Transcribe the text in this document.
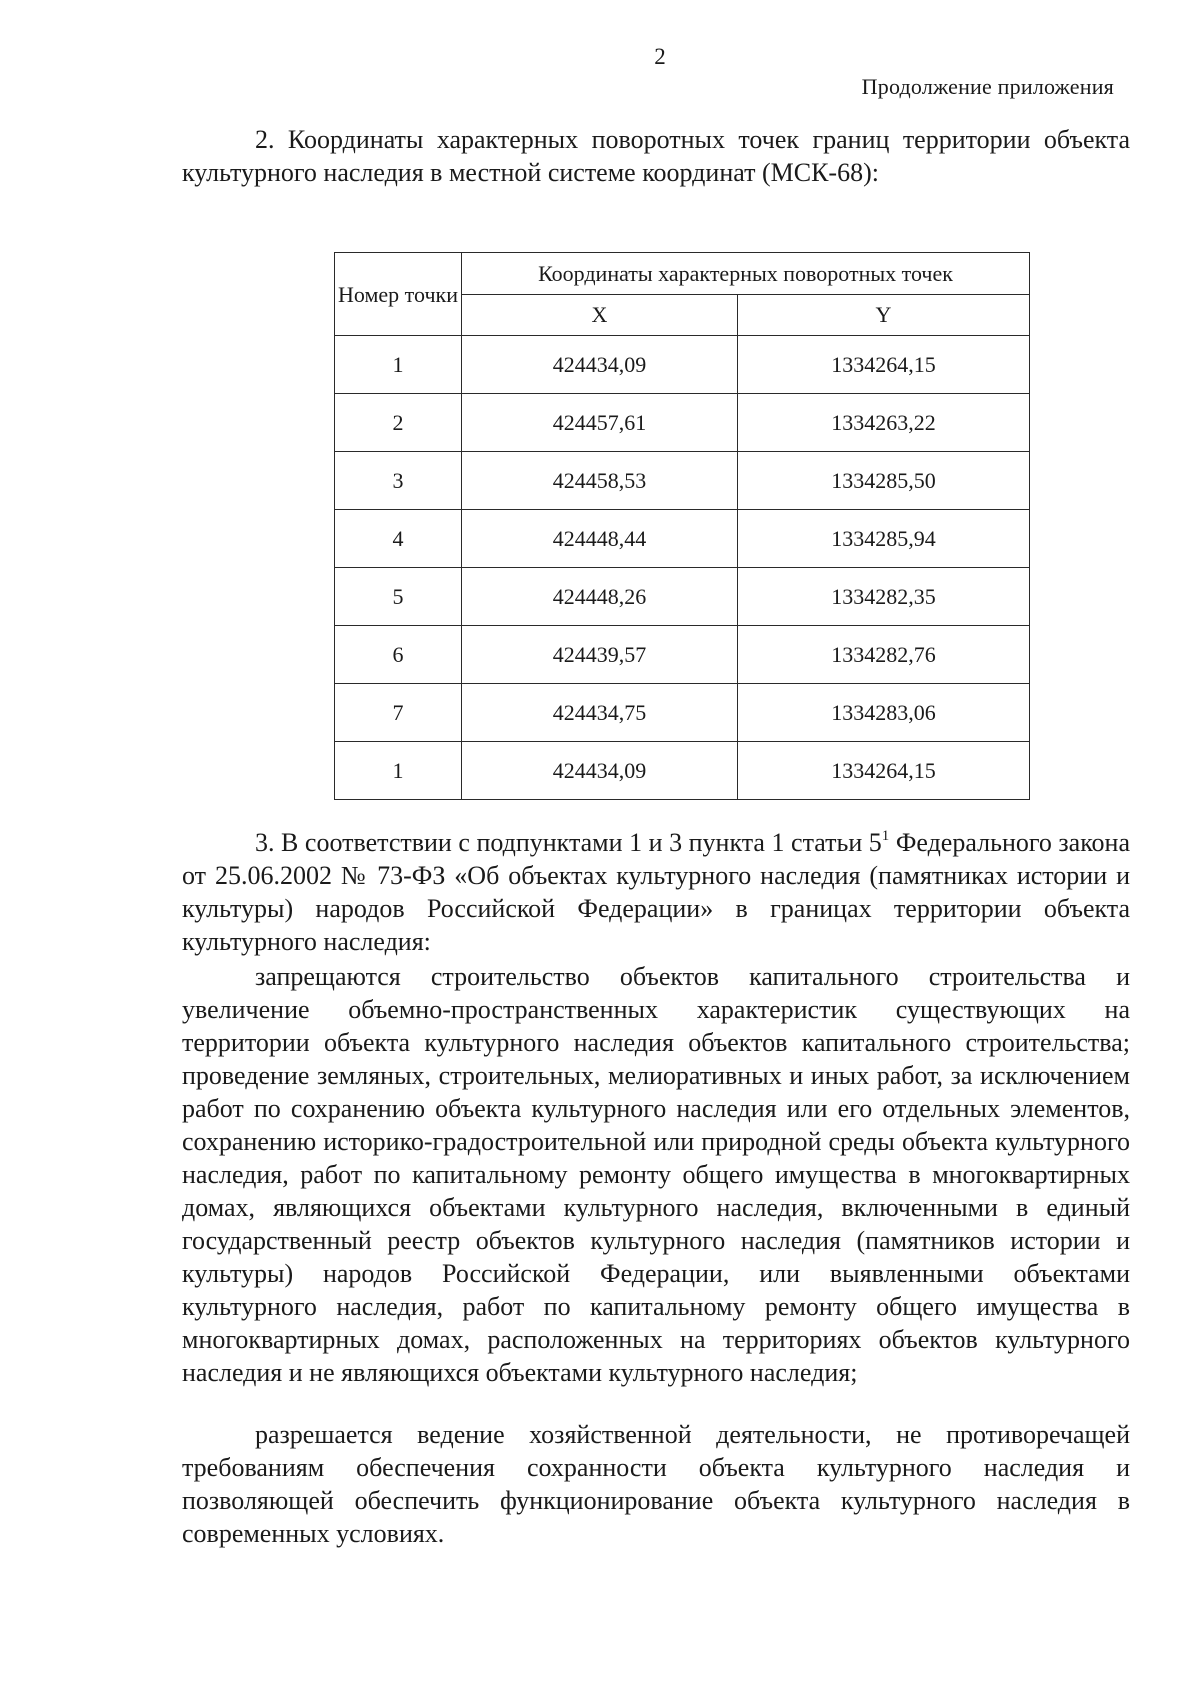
2
Продолжение приложения
2. Координаты характерных поворотных точек границ территории объекта культурного наследия в местной системе координат (МСК-68):
Номер точки	Координаты характерных поворотных точек	
	X	Y
1	424434,09	1334264,15
2	424457,61	1334263,22
3	424458,53	1334285,50
4	424448,44	1334285,94
5	424448,26	1334282,35
6	424439,57	1334282,76
7	424434,75	1334283,06
1	424434,09	1334264,15
3. В соответствии с подпунктами 1 и 3 пункта 1 статьи $5^1$ Федерального закона от 25.06.2002 № 73-ФЗ «Об объектах культурного наследия (памятниках истории и культуры) народов Российской Федерации» в границах территории объекта культурного наследия:
запрещаются строительство объектов капитального строительства и увеличение объемно-пространственных характеристик существующих на территории объекта культурного наследия объектов капитального строительства; проведение земляных, строительных, мелиоративных и иных работ, за исключением работ по сохранению объекта культурного наследия или его отдельных элементов, сохранению историко-градостроительной или природной среды объекта культурного наследия, работ по капитальному ремонту общего имущества в многоквартирных домах, являющихся объектами культурного наследия, включенными в единый государственный реестр объектов культурного наследия (памятников истории и культуры) народов Российской Федерации, или выявленными объектами культурного наследия, работ по капитальному ремонту общего имущества в многоквартирных домах, расположенных на территориях объектов культурного наследия и не являющихся объектами культурного наследия;
разрешается ведение хозяйственной деятельности, не противоречащей требованиям обеспечения сохранности объекта культурного наследия и позволяющей обеспечить функционирование объекта культурного наследия в современных условиях.
